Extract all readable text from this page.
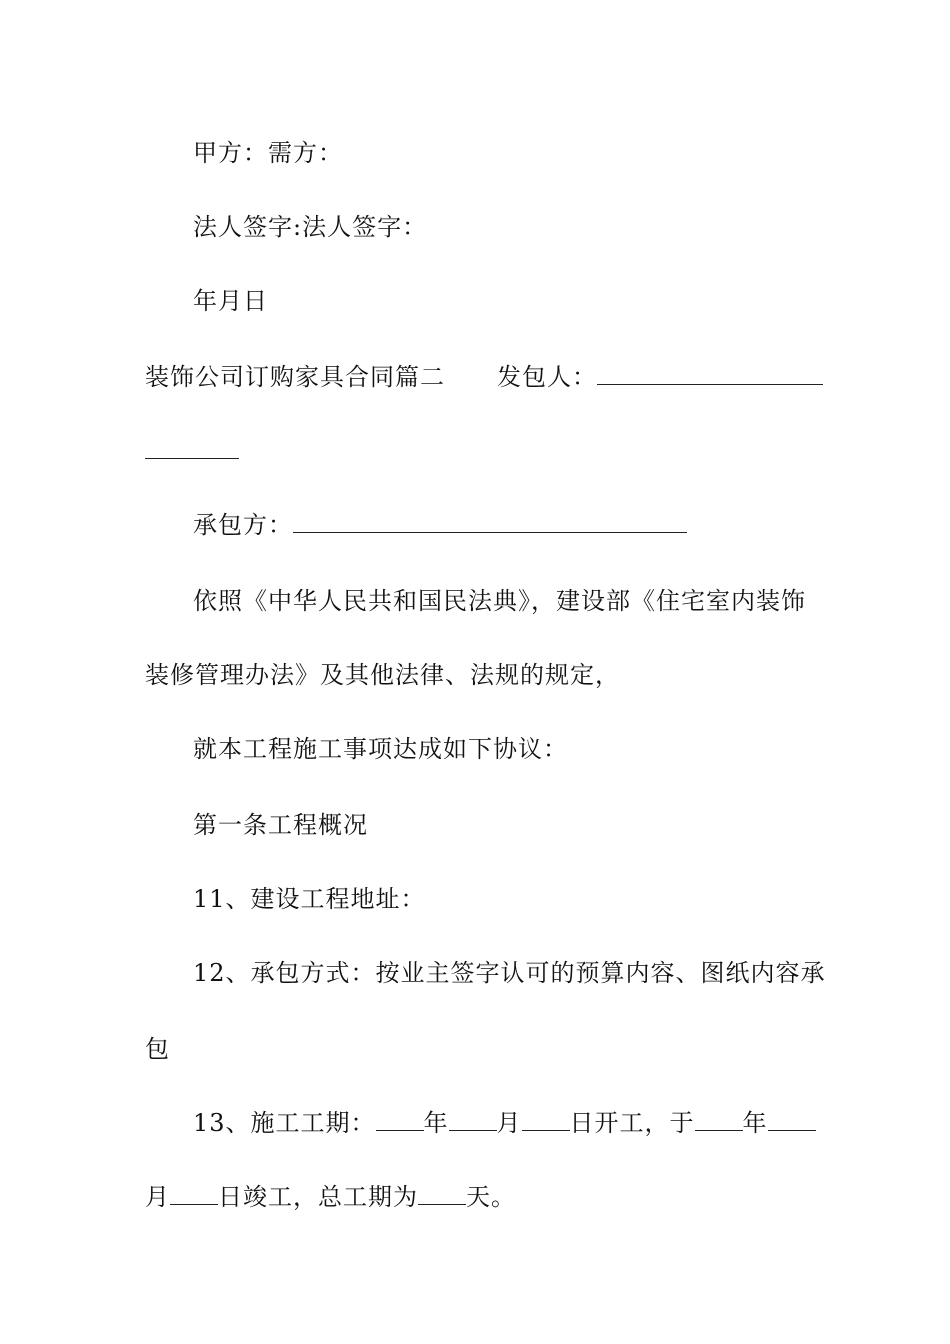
甲方：需方：
法人签字:法人签字：
年月日
装饰公司订购家具合同篇二 发包人：
承包方：
依照《中华人民共和国民法典》，建设部《住宅室内装饰
装修管理办法》及其他法律、法规的规定，
就本工程施工事项达成如下协议：
第一条工程概况
11、建设工程地址：
12、承包方式：按业主签字认可的预算内容、图纸内容承
包
13、施工工期： 年 月 日开工，于 年
月 日竣工，总工期为 天。
